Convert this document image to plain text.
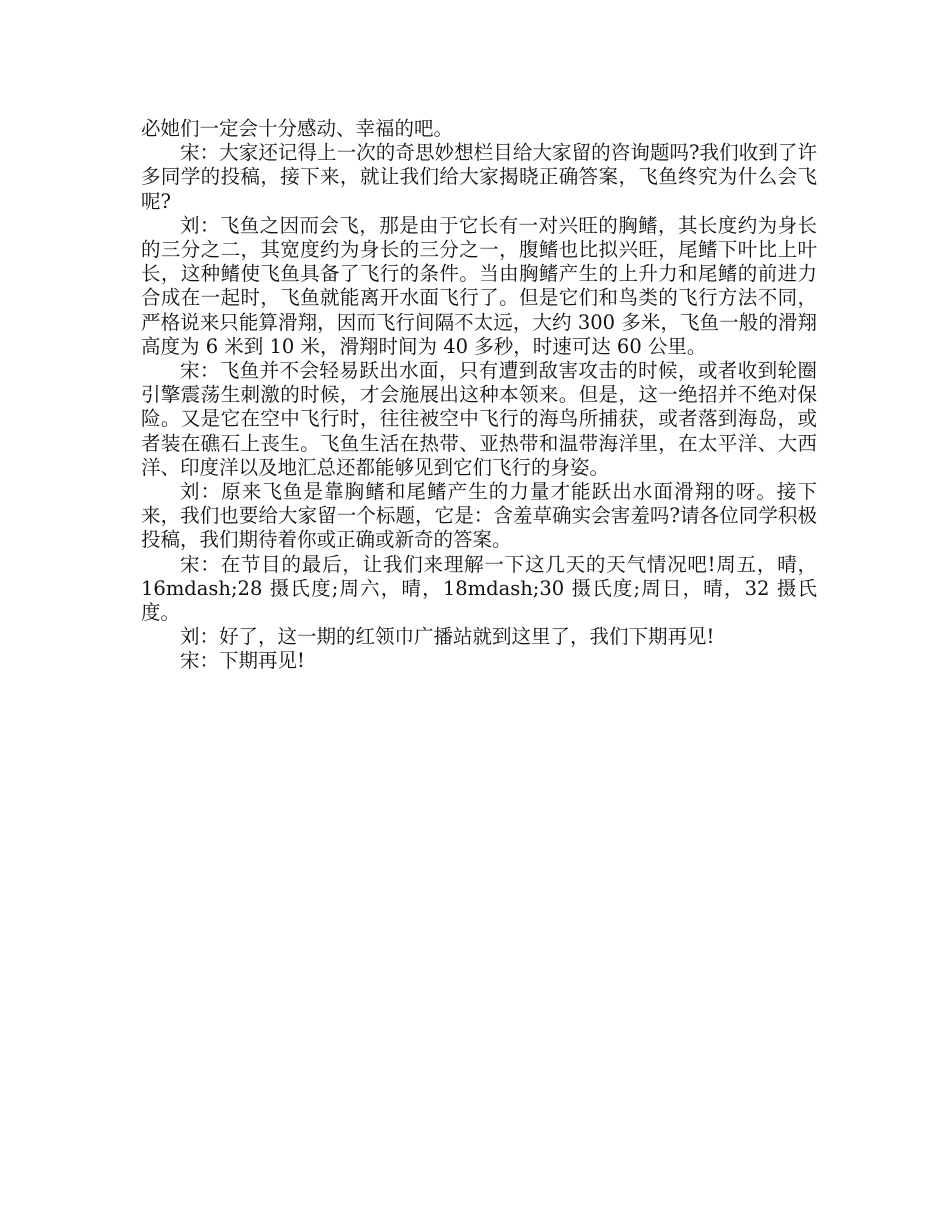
必她们一定会十分感动、幸福的吧。

宋：大家还记得上一次的奇思妙想栏目给大家留的咨询题吗?我们收到了许多同学的投稿，接下来，就让我们给大家揭晓正确答案，飞鱼终究为什么会飞呢?

刘：飞鱼之因而会飞，那是由于它长有一对兴旺的胸鳍，其长度约为身长的三分之二，其宽度约为身长的三分之一，腹鳍也比拟兴旺，尾鳍下叶比上叶长，这种鳍使飞鱼具备了飞行的条件。当由胸鳍产生的上升力和尾鳍的前进力合成在一起时，飞鱼就能离开水面飞行了。但是它们和鸟类的飞行方法不同，严格说来只能算滑翔，因而飞行间隔不太远，大约 300 多米，飞鱼一般的滑翔高度为 6 米到 10 米，滑翔时间为 40 多秒，时速可达 60 公里。

宋：飞鱼并不会轻易跃出水面，只有遭到敌害攻击的时候，或者收到轮圈引擎震荡生刺激的时候，才会施展出这种本领来。但是，这一绝招并不绝对保险。又是它在空中飞行时，往往被空中飞行的海鸟所捕获，或者落到海岛，或者装在礁石上丧生。飞鱼生活在热带、亚热带和温带海洋里，在太平洋、大西洋、印度洋以及地汇总还都能够见到它们飞行的身姿。

刘：原来飞鱼是靠胸鳍和尾鳍产生的力量才能跃出水面滑翔的呀。接下来，我们也要给大家留一个标题，它是：含羞草确实会害羞吗?请各位同学积极投稿，我们期待着你或正确或新奇的答案。

宋：在节目的最后，让我们来理解一下这几天的天气情况吧!周五，晴，16mdash;28 摄氏度;周六，晴，18mdash;30 摄氏度;周日，晴，32 摄氏度。

刘：好了，这一期的红领巾广播站就到这里了，我们下期再见!

宋：下期再见!
